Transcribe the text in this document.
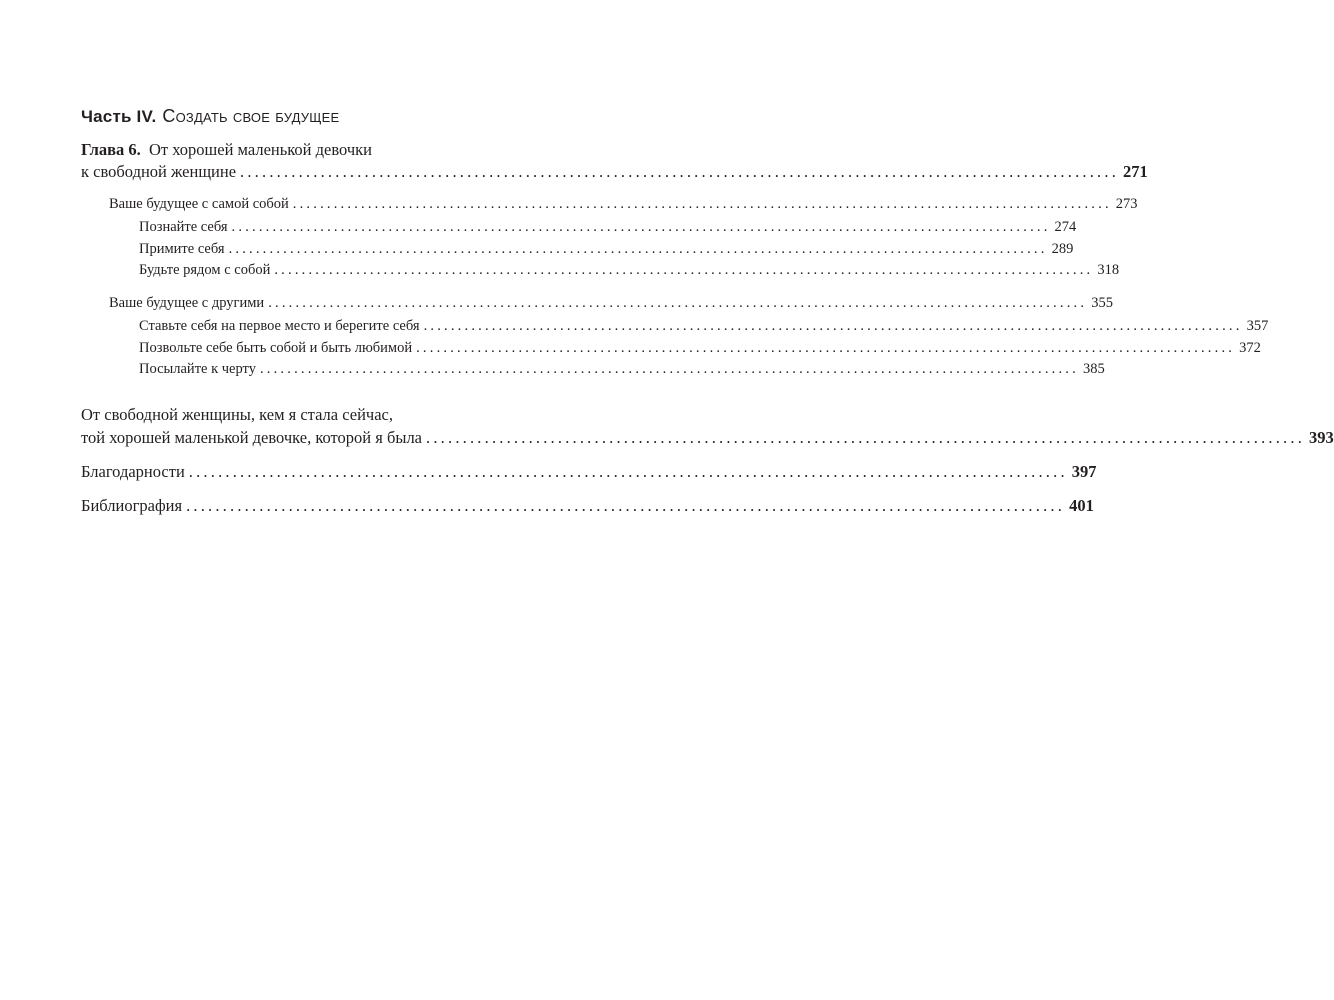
Часть IV. Создать свое будущее
Глава 6. От хорошей маленькой девочки
к свободной женщине ........................................................................................................................ 271
Ваше будущее с самой собой ........................................................................................................................ 273
Познайте себя ........................................................................................................................ 274
Примите себя ........................................................................................................................ 289
Будьте рядом с собой ........................................................................................................................ 318
Ваше будущее с другими ........................................................................................................................ 355
Ставьте себя на первое место и берегите себя ........................................................................................................................ 357
Позвольте себе быть собой и быть любимой ........................................................................................................................ 372
Посылайте к черту ........................................................................................................................ 385
От свободной женщины, кем я стала сейчас,
той хорошей маленькой девочке, которой я была ........................................................................................................................ 393
Благодарности ........................................................................................................................ 397
Библиография ........................................................................................................................ 401
